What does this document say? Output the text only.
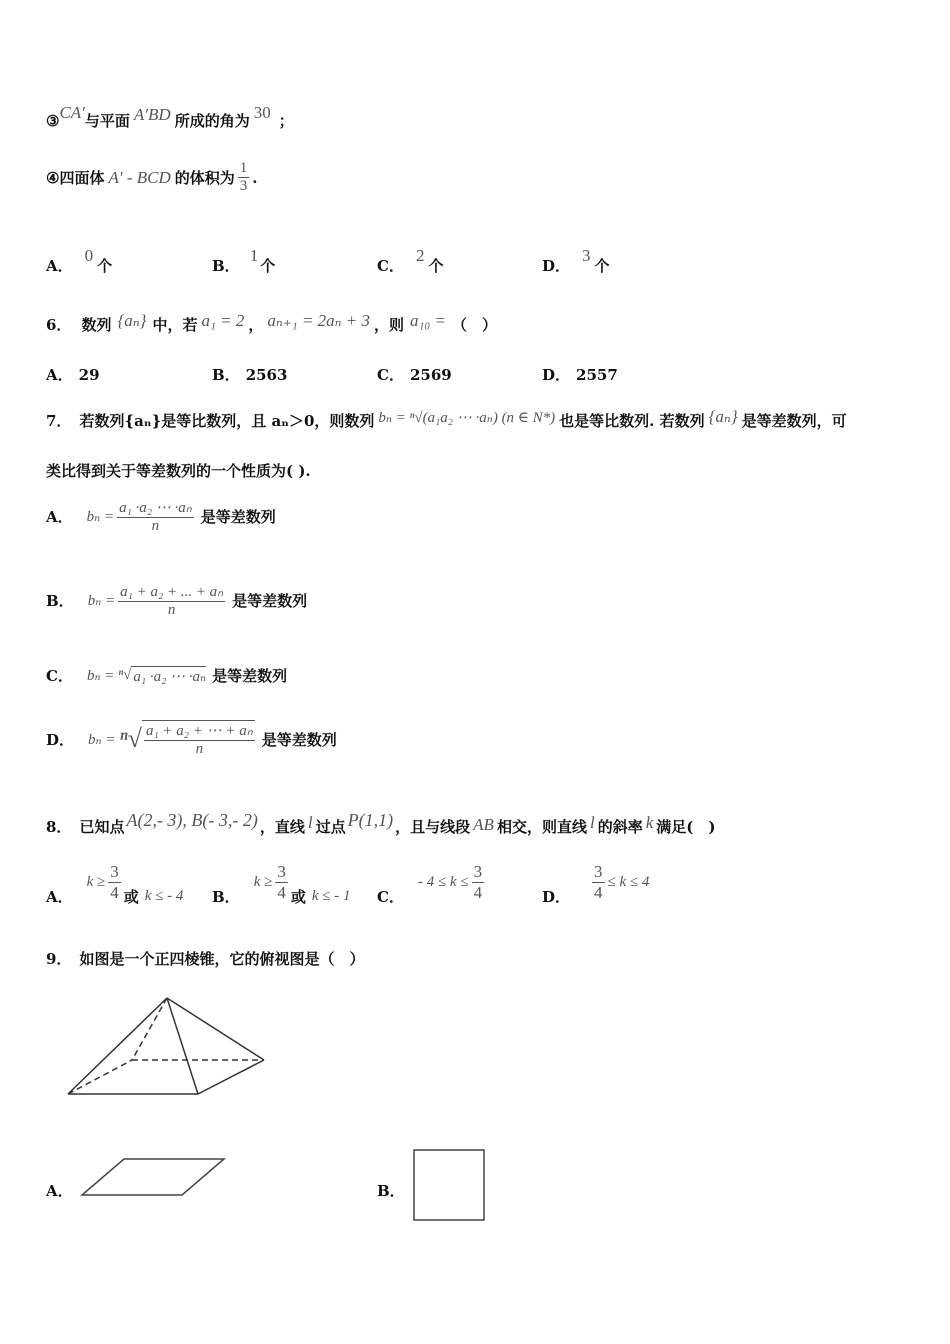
③ CA′ 与平面 A′BD 所成的角为 30 ；
④ 四面体 A′ - BCD 的体积为 $\frac{1}{3}$ .
A．
0
个	B．
1
个	C．
2
个	D．
3
个
6． 数列 {aₙ} 中，若 a₁ = 2 ， aₙ₊₁ = 2aₙ + 3 ，则 a₁₀ = （　）
A． 29	B． 2563	C． 2569	D． 2557
7． 若数列{aₙ}是等比数列，且 aₙ＞0，则数列 bₙ = ⁿ√(a₁a₂ ⋯ ·aₙ) (n ∈ N*) 也是等比数列. 若数列 {aₙ} 是等差数列，可
类比得到关于等差数列的一个性质为( ).
A． $b_n = \frac{\text{a₁ ·a₂ ⋯ ·aₙ}}{n}$ 是等差数列
B． $b_n = \frac{\text{a₁ + a₂ + ... + aₙ}}{n}$ 是等差数列
C． bₙ = ⁿ√ a₁ ·a₂ ⋯ ·aₙ 是等差数列
D． $b_n = ^n√ \frac{\text{a₁ + a₂ + ⋯ + aₙ}}{n}$ 是等差数列
8． 已知点 A(2,- 3), B(- 3,- 2) ，直线 l 过点 P(1,1) ，且与线段 AB 相交，则直线 l 的斜率 k 满足(　)
A．
$k \ge \frac{3}{4}$ 或 k ≤ - 4 B．
$k \ge \frac{3}{4}$ 或 k ≤ - 1 C．
- $4 \le k \le \frac{3}{4}$	D． $\frac{3}{4} \le k \le 4$
9． 如图是一个正四棱锥，它的俯视图是（　）
A．	B．
